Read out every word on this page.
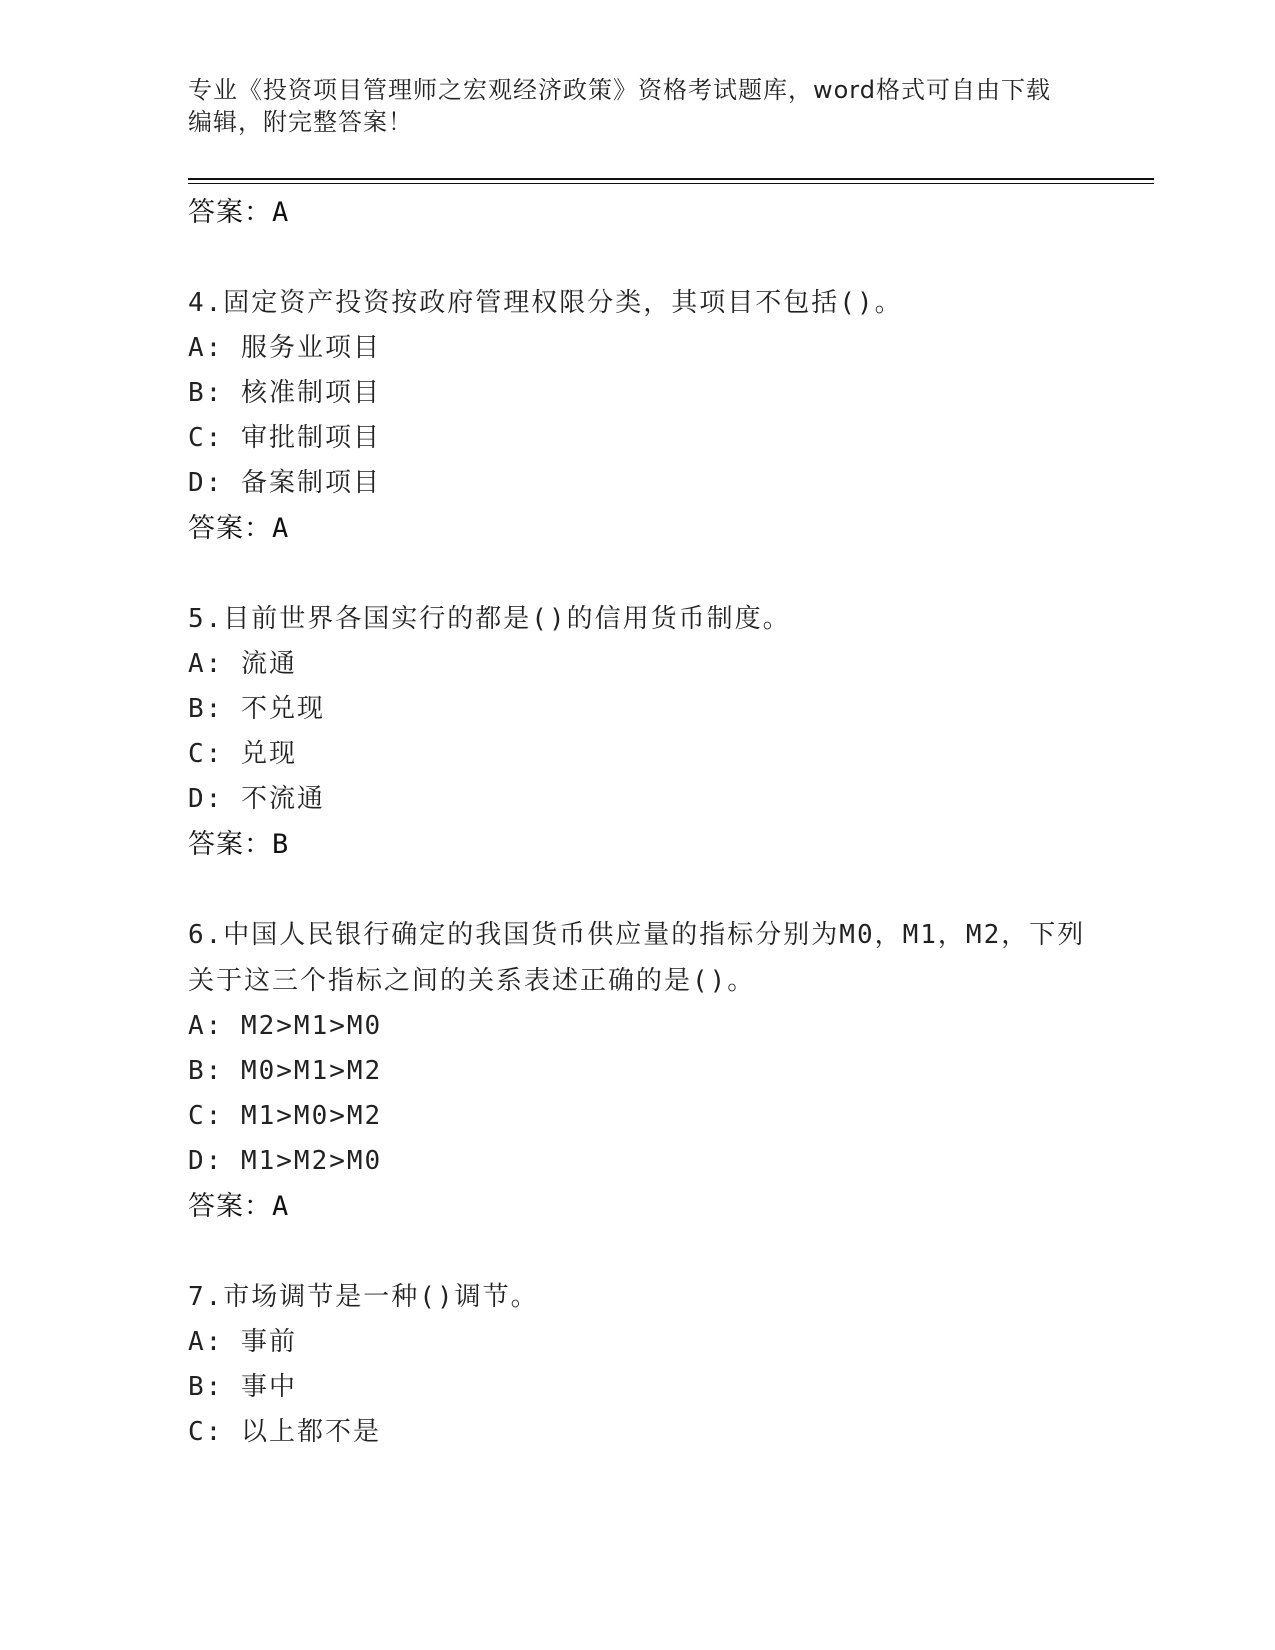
专业《投资项目管理师之宏观经济政策》资格考试题库，word格式可自由下载编辑，附完整答案！
答案：A
4.固定资产投资按政府管理权限分类，其项目不包括()。
A: 服务业项目
B: 核准制项目
C: 审批制项目
D: 备案制项目
答案：A
5.目前世界各国实行的都是()的信用货币制度。
A: 流通
B: 不兑现
C: 兑现
D: 不流通
答案：B
6.中国人民银行确定的我国货币供应量的指标分别为M0，M1，M2，下列关于这三个指标之间的关系表述正确的是()。
A: M2>M1>M0
B: M0>M1>M2
C: M1>M0>M2
D: M1>M2>M0
答案：A
7.市场调节是一种()调节。
A: 事前
B: 事中
C: 以上都不是
